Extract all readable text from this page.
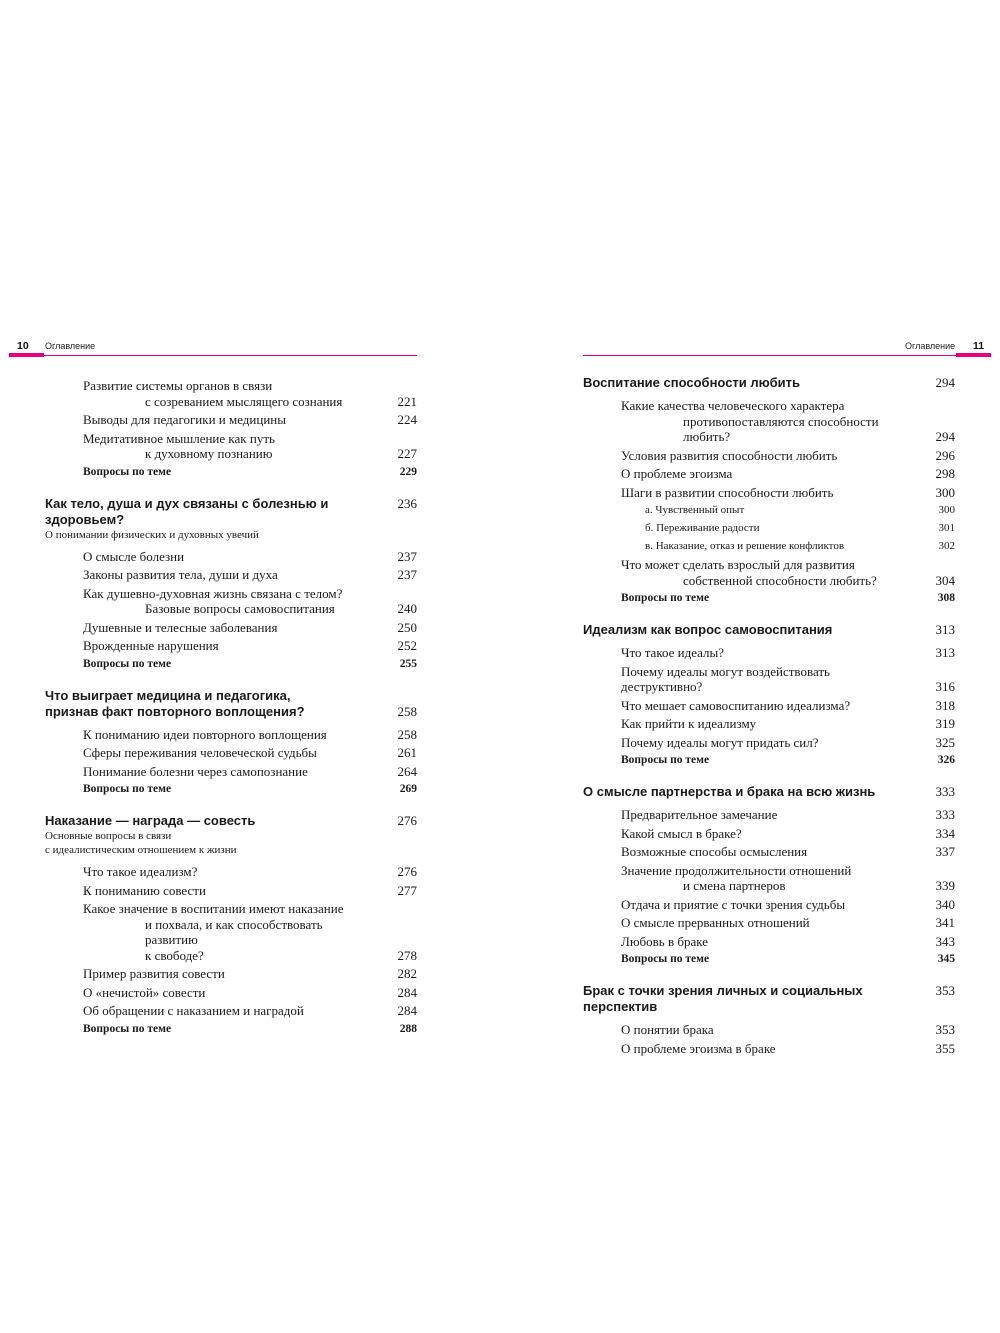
10 Оглавление
Развитие системы органов в связи
с созреванием мыслящего сознания	221
Выводы для педагогики и медицины	224
Медитативное мышление как путь
к духовному познанию	227
Вопросы по теме	229
Как тело, душа и дух связаны с болезнью и здоровьем?
О понимании физических и духовных увечий
236
О смысле болезни	237
Законы развития тела, души и духа	237
Как душевно-духовная жизнь связана с телом?
Базовые вопросы самовоспитания	240
Душевные и телесные заболевания	250
Врожденные нарушения	252
Вопросы по теме	255
Что выиграет медицина и педагогика,
признав факт повторного воплощения?	258
К пониманию идеи повторного воплощения	258
Сферы переживания человеческой судьбы	261
Понимание болезни через самопознание	264
Вопросы по теме	269
Наказание — награда — совесть
Основные вопросы в связи
с идеалистическим отношением к жизни
276
Что такое идеализм?	276
К пониманию совести	277
Какое значение в воспитании имеют наказание
и похвала, и как способствовать развитию
к свободе?	278
Пример развития совести	282
О «нечистой» совести	284
Об обращении с наказанием и наградой	284
Вопросы по теме	288
Оглавление 11
Воспитание способности любить	294
Какие качества человеческого характера
противопоставляются способности любить?	294
Условия развития способности любить	296
О проблеме эгоизма	298
Шаги в развитии способности любить	300
а. Чувственный опыт	300
б. Переживание радости	301
в. Наказание, отказ и решение конфликтов	302
Что может сделать взрослый для развития
собственной способности любить?	304
Вопросы по теме	308
Идеализм как вопрос самовоспитания	313
Что такое идеалы?	313
Почему идеалы могут воздействовать деструктивно?	316
Что мешает самовоспитанию идеализма?	318
Как прийти к идеализму	319
Почему идеалы могут придать сил?	325
Вопросы по теме	326
О смысле партнерства и брака на всю жизнь	333
Предварительное замечание	333
Какой смысл в браке?	334
Возможные способы осмысления	337
Значение продолжительности отношений
и смена партнеров	339
Отдача и приятие с точки зрения судьбы	340
О смысле прерванных отношений	341
Любовь в браке	343
Вопросы по теме	345
Брак с точки зрения личных и социальных перспектив
353
О понятии брака	353
О проблеме эгоизма в браке	355
